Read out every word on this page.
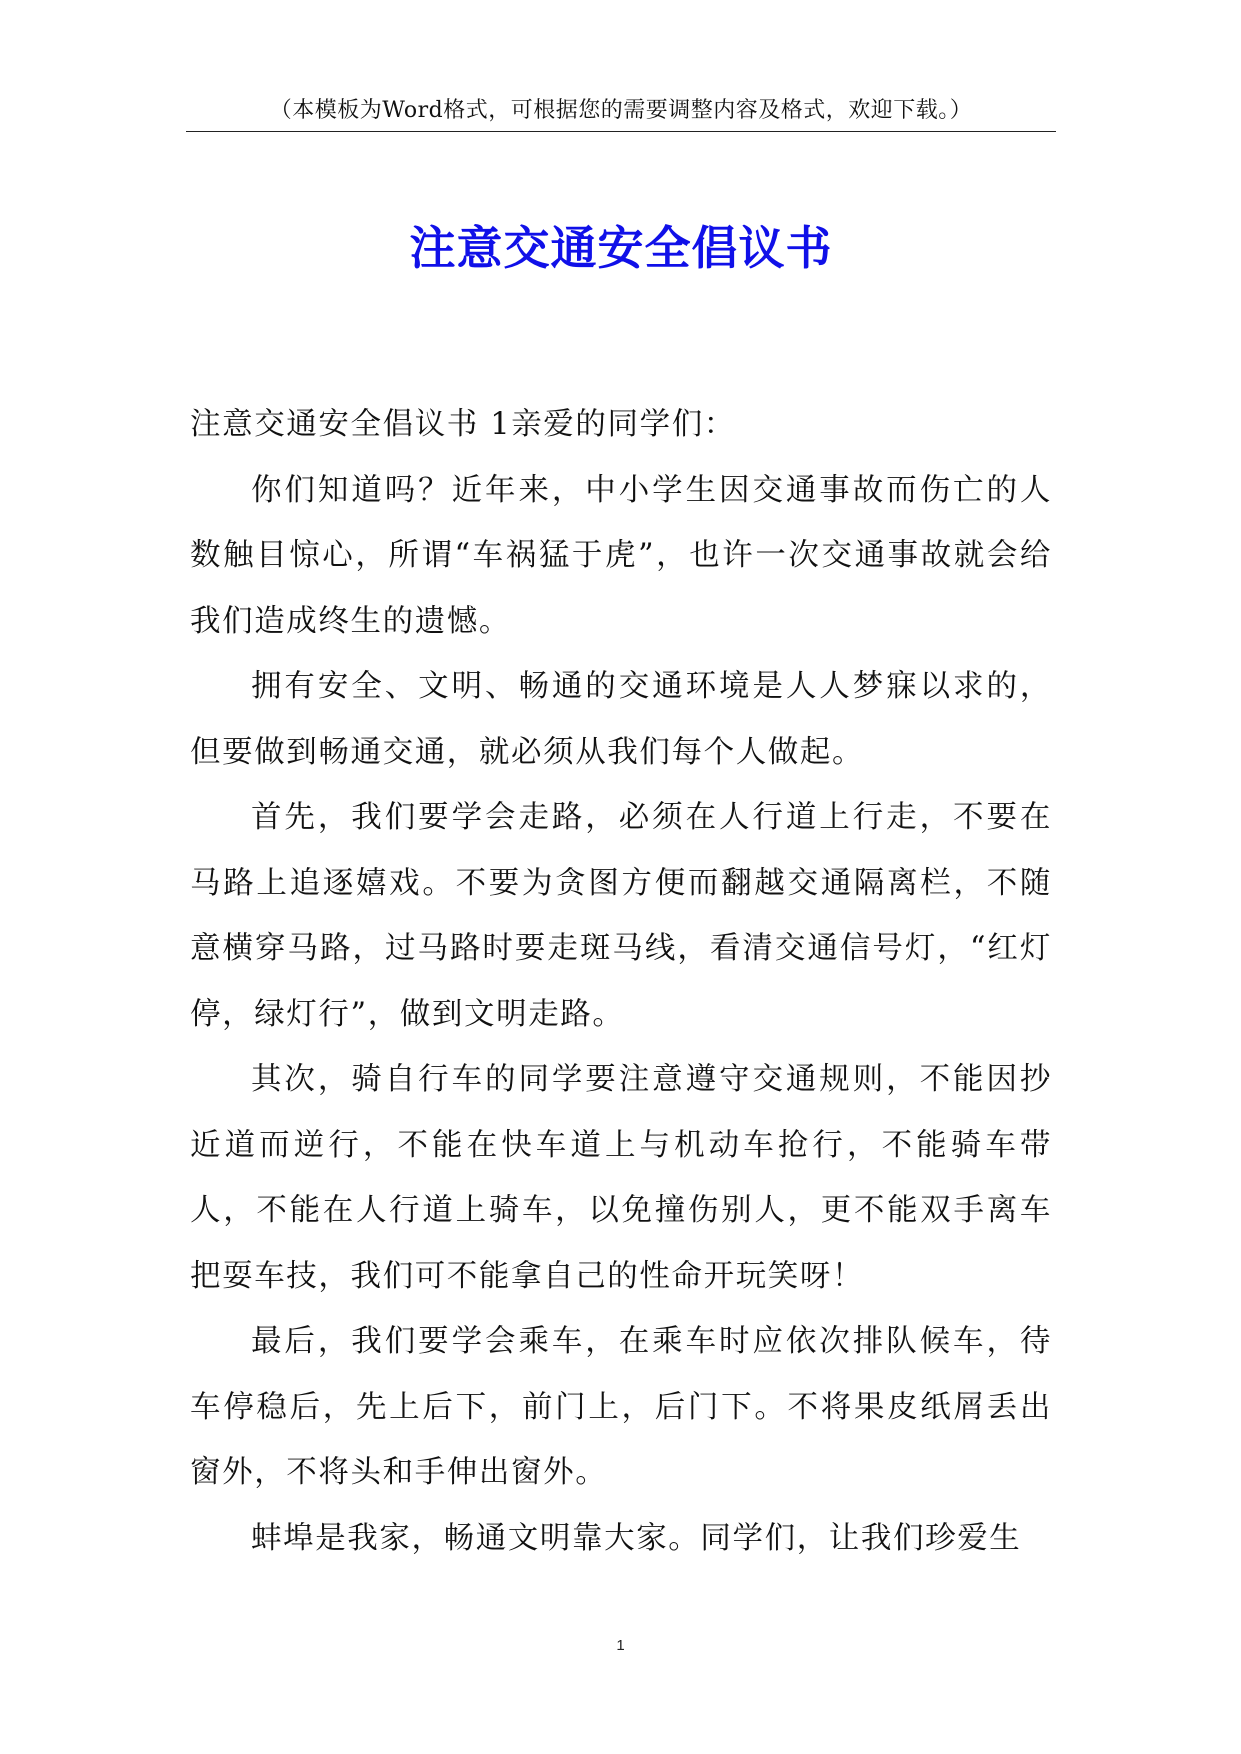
（本模板为Word格式，可根据您的需要调整内容及格式，欢迎下载。）
注意交通安全倡议书

注意交通安全倡议书 1亲爱的同学们：

你们知道吗？近年来，中小学生因交通事故而伤亡的人数触目惊心，所谓“车祸猛于虎”，也许一次交通事故就会给我们造成终生的遗憾。

拥有安全、文明、畅通的交通环境是人人梦寐以求的，但要做到畅通交通，就必须从我们每个人做起。

首先，我们要学会走路，必须在人行道上行走，不要在马路上追逐嬉戏。不要为贪图方便而翻越交通隔离栏，不随意横穿马路，过马路时要走斑马线，看清交通信号灯，“红灯停，绿灯行”，做到文明走路。

其次，骑自行车的同学要注意遵守交通规则，不能因抄近道而逆行，不能在快车道上与机动车抢行，不能骑车带人，不能在人行道上骑车，以免撞伤别人，更不能双手离车把耍车技，我们可不能拿自己的性命开玩笑呀！

最后，我们要学会乘车，在乘车时应依次排队候车，待车停稳后，先上后下，前门上，后门下。不将果皮纸屑丢出窗外，不将头和手伸出窗外。

蚌埠是我家，畅通文明靠大家。同学们，让我们珍爱生

1
